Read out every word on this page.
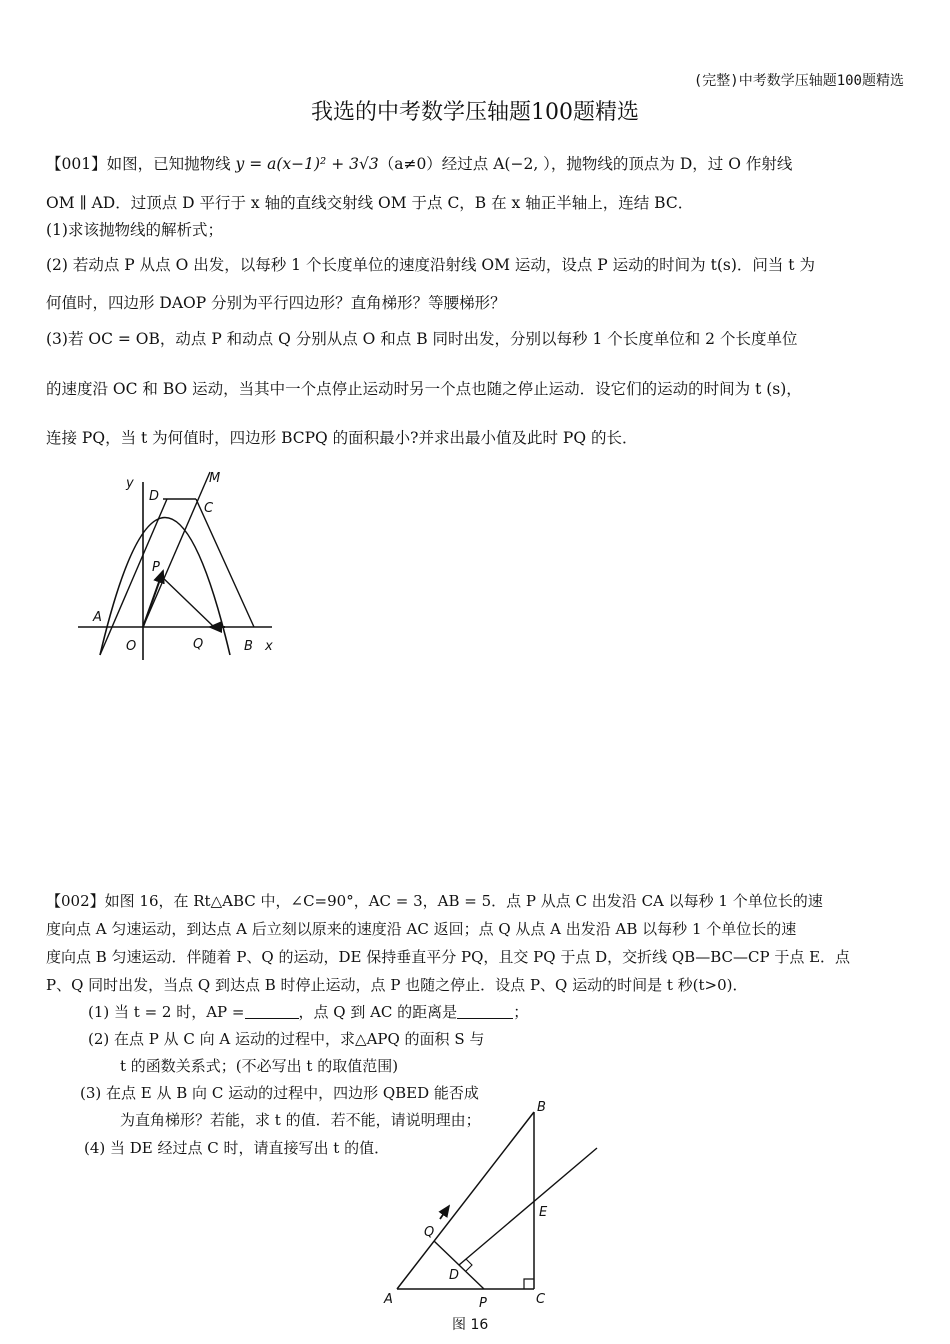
(完整)中考数学压轴题100题精选
我选的中考数学压轴题100题精选
【001】如图，已知抛物线 y = a(x−1)² + 3√3（a≠0）经过点 A(−2, ），抛物线的顶点为 D，过 O 作射线
OM ∥ AD．过顶点 D 平行于 x 轴的直线交射线 OM 于点 C，B 在 x 轴正半轴上，连结 BC．
(1)求该抛物线的解析式；
(2) 若动点 P 从点 O 出发，以每秒 1 个长度单位的速度沿射线 OM 运动，设点 P 运动的时间为 t(s)．问当 t 为
何值时，四边形 DAOP 分别为平行四边形？直角梯形？等腰梯形？
(3)若 OC = OB，动点 P 和动点 Q 分别从点 O 和点 B 同时出发，分别以每秒 1 个长度单位和 2 个长度单位
的速度沿 OC 和 BO 运动，当其中一个点停止运动时另一个点也随之停止运动．设它们的运动的时间为 t (s)，
连接 PQ，当 t 为何值时，四边形 BCPQ 的面积最小?并求出最小值及此时 PQ 的长．
y	M
D
C
P
A
O	Q	B x
【002】如图 16，在 Rt△ABC 中，∠C=90°，AC = 3，AB = 5．点 P 从点 C 出发沿 CA 以每秒 1 个单位长的速
度向点 A 匀速运动，到达点 A 后立刻以原来的速度沿 AC 返回；点 Q 从点 A 出发沿 AB 以每秒 1 个单位长的速
度向点 B 匀速运动．伴随着 P、Q 的运动，DE 保持垂直平分 PQ，且交 PQ 于点 D，交折线 QB—BC—CP 于点 E．点
P、Q 同时出发，当点 Q 到达点 B 时停止运动，点 P 也随之停止．设点 P、Q 运动的时间是 t 秒(t>0)．
(1) 当 t = 2 时，AP =	，点 Q 到 AC 的距离是	；
(2) 在点 P 从 C 向 A 运动的过程中，求△APQ 的面积 S 与
t 的函数关系式；(不必写出 t 的取值范围)
(3) 在点 E 从 B 向 C 运动的过程中，四边形 QBED 能否成
为直角梯形？若能，求 t 的值．若不能，请说明理由；
(4) 当 DE 经过点 C 时，请直接写出 t 的值．
B
E
Q
D
A	P	C
图 16
